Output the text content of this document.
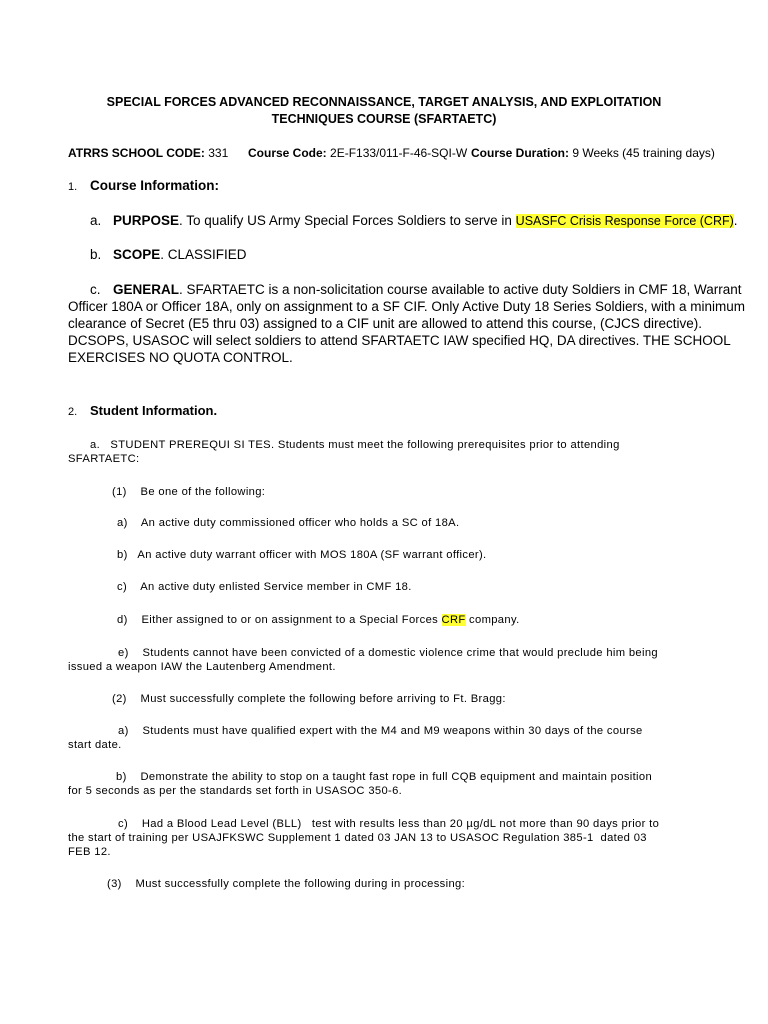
SPECIAL FORCES ADVANCED RECONNAISSANCE, TARGET ANALYSIS, AND EXPLOITATION
TECHNIQUES COURSE (SFARTAETC)
ATRRS SCHOOL CODE: 331 Course Code: 2E-F133/011-F-46-SQI-W Course Duration: 9 Weeks (45 training days)
1. Course Information:
a. PURPOSE. To qualify US Army Special Forces Soldiers to serve in USASFC Crisis Response Force (CRF).
b. SCOPE. CLASSIFIED
c. GENERAL. SFARTAETC is a non-solicitation course available to active duty Soldiers in CMF 18, Warrant
Officer 180A or Officer 18A, only on assignment to a SF CIF. Only Active Duty 18 Series Soldiers, with a minimum
clearance of Secret (E5 thru 03) assigned to a CIF unit are allowed to attend this course, (CJCS directive).
DCSOPS, USASOC will select soldiers to attend SFARTAETC IAW specified HQ, DA directives. THE SCHOOL
EXERCISES NO QUOTA CONTROL.
2. Student Information.
a.   STUDENT PREREQUI SI TES. Students must meet the following prerequisites prior to attending
SFARTAETC:
(1)    Be one of the following:
a)    An active duty commissioned officer who holds a SC of 18A.
b)   An active duty warrant officer with MOS 180A (SF warrant officer).
c)    An active duty enlisted Service member in CMF 18.
d)    Either assigned to or on assignment to a Special Forces CRF company.
e)    Students cannot have been convicted of a domestic violence crime that would preclude him being
issued a weapon IAW the Lautenberg Amendment.
(2)    Must successfully complete the following before arriving to Ft. Bragg:
a)    Students must have qualified expert with the M4 and M9 weapons within 30 days of the course
start date.
b)    Demonstrate the ability to stop on a taught fast rope in full CQB equipment and maintain position
for 5 seconds as per the standards set forth in USASOC 350-6.
c)    Had a Blood Lead Level (BLL)   test with results less than 20 µg/dL not more than 90 days prior to
the start of training per USAJFKSWC Supplement 1 dated 03 JAN 13 to USASOC Regulation 385-1  dated 03
FEB 12.
(3)    Must successfully complete the following during in processing:
